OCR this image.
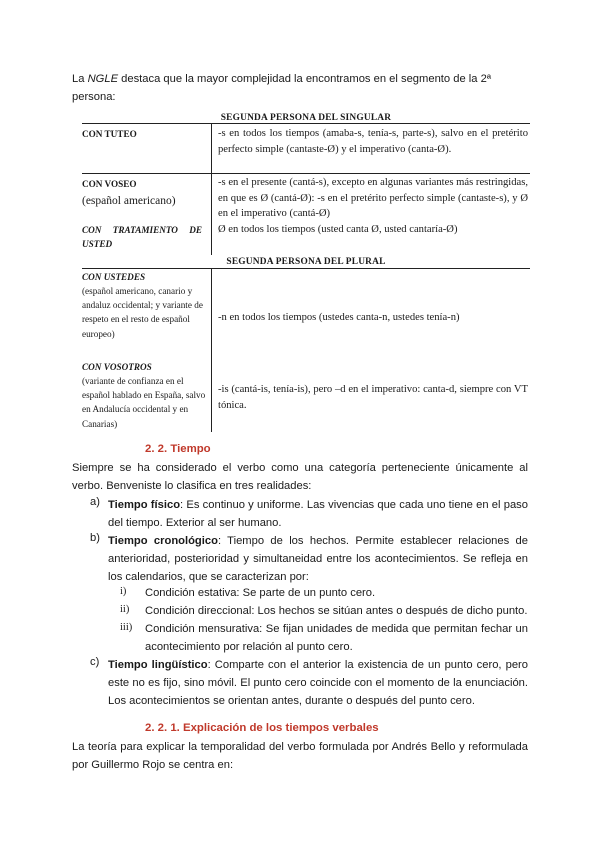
La NGLE destaca que la mayor complejidad la encontramos en el segmento de la 2ª
persona:
SEGUNDA PERSONA DEL SINGULAR
CON TUTEO	-s en todos los tiempos (amaba-s, tenía-s, parte-s), salvo en el pretérito perfecto simple (cantaste-Ø) y el imperativo (canta-Ø).
CON VOSEO
(español americano)
-s en el presente (cantá-s), excepto en algunas variantes más restringidas, en que es Ø (cantá-Ø): -s en el pretérito perfecto simple (cantaste-s), y Ø en el imperativo (cantá-Ø)
CON TRATAMIENTO DE USTED
Ø en todos los tiempos (usted canta Ø, usted cantaría-Ø)
SEGUNDA PERSONA DEL PLURAL
CON USTEDES
(español americano, canario y andaluz occidental; y variante de respeto en el resto de español europeo)
-n en todos los tiempos (ustedes canta-n, ustedes tenía-n)
CON VOSOTROS
(variante de confianza en el español hablado en España, salvo en Andalucía occidental y en Canarias)
-is (cantá-is, tenía-is), pero –d en el imperativo: canta-d, siempre con VT tónica.
2. 2. Tiempo
Siempre se ha considerado el verbo como una categoría perteneciente únicamente al verbo. Benveniste lo clasifica en tres realidades:
a) Tiempo físico: Es continuo y uniforme. Las vivencias que cada uno tiene en el paso del tiempo. Exterior al ser humano.
b) Tiempo cronológico: Tiempo de los hechos. Permite establecer relaciones de anterioridad, posterioridad y simultaneidad entre los acontecimientos. Se refleja en los calendarios, que se caracterizan por:
i) Condición estativa: Se parte de un punto cero.
ii) Condición direccional: Los hechos se sitúan antes o después de dicho punto.
iii) Condición mensurativa: Se fijan unidades de medida que permitan fechar un acontecimiento por relación al punto cero.
c) Tiempo lingüístico: Comparte con el anterior la existencia de un punto cero, pero este no es fijo, sino móvil. El punto cero coincide con el momento de la enunciación. Los acontecimientos se orientan antes, durante o después del punto cero.
2. 2. 1. Explicación de los tiempos verbales
La teoría para explicar la temporalidad del verbo formulada por Andrés Bello y reformulada por Guillermo Rojo se centra en:
